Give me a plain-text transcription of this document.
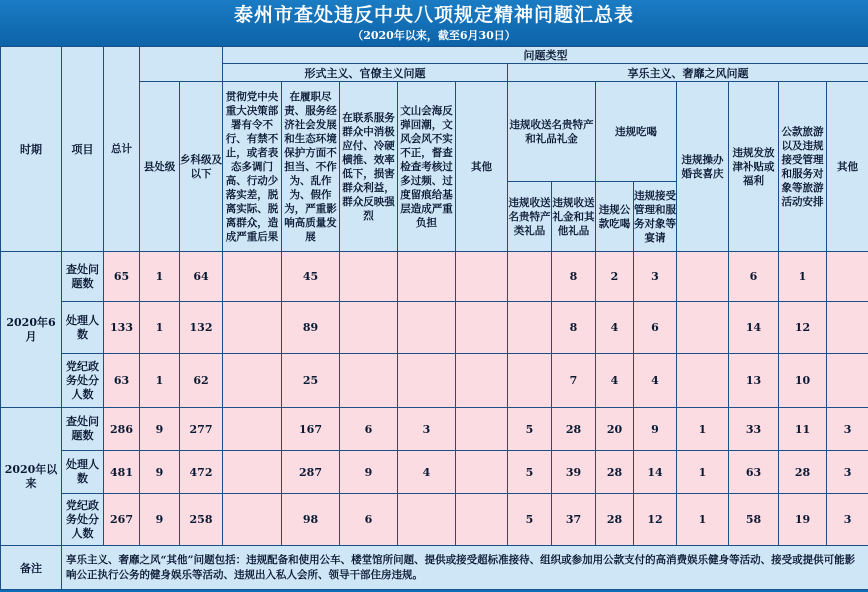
泰州市查处违反中央八项规定精神问题汇总表
（2020年以来，截至6月30日）
时期	项目	总计			问题类型												
					形式主义、官僚主义问题					享乐主义、奢靡之风问题							
			县处级	乡科级及以下	贯彻党中央重大决策部署有令不行、有禁不止，或者表态多调门高、行动少落实差，脱离实际、脱离群众，造成严重后果	在履职尽责、服务经济社会发展和生态环境保护方面不担当、不作为、乱作为、假作为，严重影响高质量发展	在联系服务群众中消极应付、冷硬横推、效率低下，损害群众利益，群众反映强烈	文山会海反弹回潮，文风会风不实不正，督查检查考核过多过频、过度留痕给基层造成严重负担	其他	违规收送名贵特产和礼品礼金		违规吃喝		违规操办婚丧喜庆	违规发放津补贴或福利	公款旅游以及违规接受管理和服务对象等旅游活动安排	其他
										违规收送名贵特产类礼品	违规收送礼金和其他礼品	违规公款吃喝	违规接受管理和服务对象等宴请				
2020年6月	查处问题数	65	1	64		45					8	2	3		6	1	
	处理人数	133	1	132		89					8	4	6		14	12	
	党纪政务处分人数	63	1	62		25					7	4	4		13	10	
2020年以来	查处问题数	286	9	277		167	6	3		5	28	20	9	1	33	11	3
	处理人数	481	9	472		287	9	4		5	39	28	14	1	63	28	3
	党纪政务处分人数	267	9	258		98	6			5	37	28	12	1	58	19	3
备注	享乐主义、奢靡之风“其他”问题包括：违规配备和使用公车、楼堂馆所问题、提供或接受超标准接待、组织或参加用公款支付的高消费娱乐健身等活动、接受或提供可能影响公正执行公务的健身娱乐等活动、违规出入私人会所、领导干部住房违规。																
